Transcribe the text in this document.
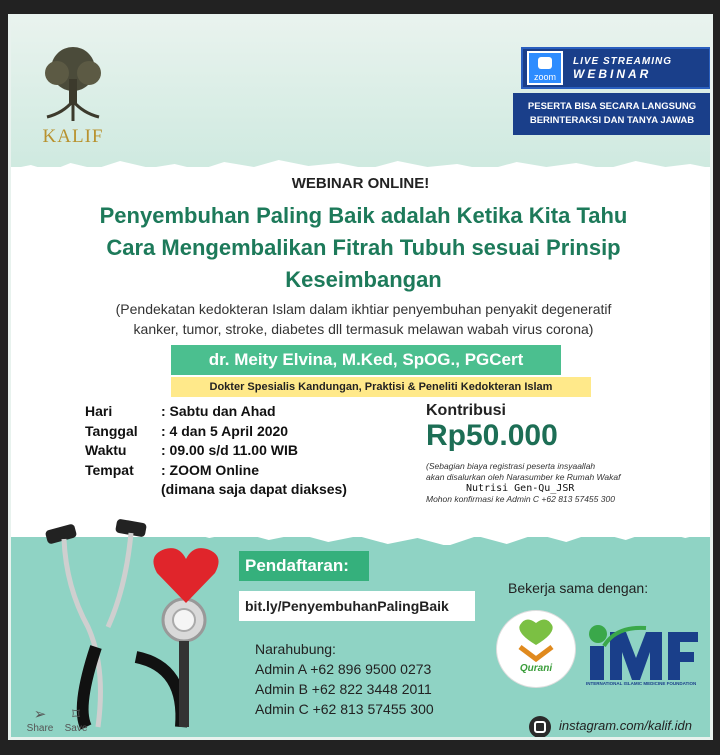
KALIF
zoom
LIVE STREAMING
WEBINAR
PESERTA BISA SECARA LANGSUNG
BERINTERAKSI DAN TANYA JAWAB
WEBINAR ONLINE!
Penyembuhan Paling Baik adalah Ketika Kita Tahu
Cara Mengembalikan Fitrah Tubuh sesuai Prinsip
Keseimbangan
(Pendekatan kedokteran Islam dalam ikhtiar penyembuhan penyakit degeneratif
kanker, tumor, stroke, diabetes dll termasuk melawan wabah virus corona)
dr. Meity Elvina, M.Ked, SpOG., PGCert
Dokter Spesialis Kandungan, Praktisi & Peneliti Kedokteran Islam
Hari	: Sabtu dan Ahad
Tanggal	: 4 dan 5 April 2020
Waktu	: 09.00 s/d 11.00 WIB
Tempat	: ZOOM Online
(dimana saja dapat diakses)
Kontribusi
Rp50.000
(Sebagian biaya registrasi peserta insyaallah
akan disalurkan oleh Narasumber ke Rumah Wakaf
Nutrisi Gen-Qu_JSR
Mohon konfirmasi ke Admin C +62 813 57455 300
Pendaftaran:
bit.ly/PenyembuhanPalingBaik
Narahubung:
Admin A +62 896 9500 0273
Admin B +62 822 3448 2011
Admin C +62 813 57455 300
Bekerja sama dengan:
Qurani
INTERNATIONAL ISLAMIC MEDICINE FOUNDATION
instagram.com/kalif.idn
➢
Share
⌑
Save
